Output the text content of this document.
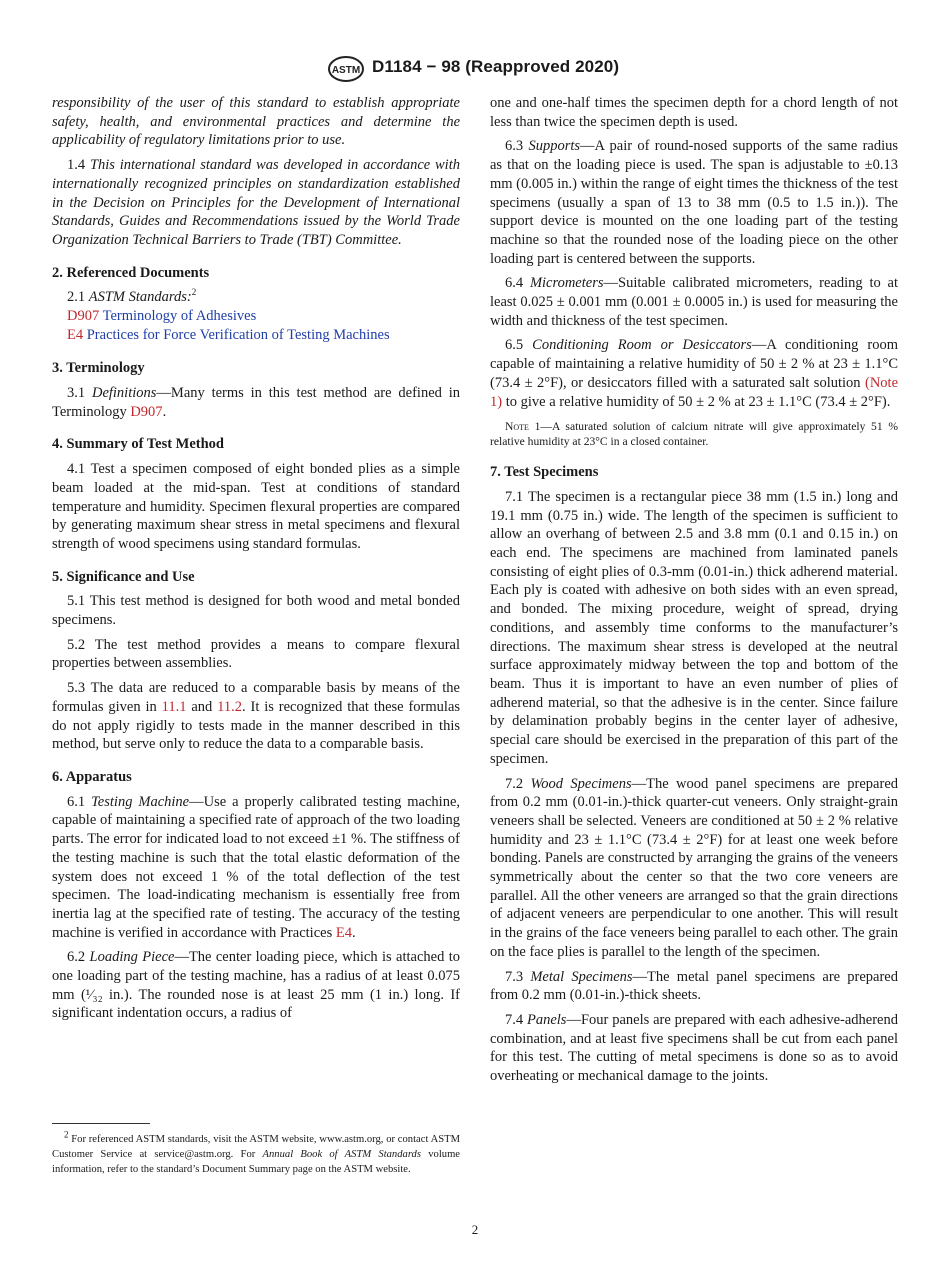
ASTM D1184 − 98 (Reapproved 2020)

responsibility of the user of this standard to establish appropriate safety, health, and environmental practices and determine the applicability of regulatory limitations prior to use.

1.4 This international standard was developed in accordance with internationally recognized principles on standardization established in the Decision on Principles for the Development of International Standards, Guides and Recommendations issued by the World Trade Organization Technical Barriers to Trade (TBT) Committee.

2. Referenced Documents
2.1 ASTM Standards:$^2$
D907 Terminology of Adhesives
E4 Practices for Force Verification of Testing Machines
3. Terminology

3.1 Definitions—Many terms in this test method are defined in Terminology D907.

4. Summary of Test Method

4.1 Test a specimen composed of eight bonded plies as a simple beam loaded at the mid-span. Test at conditions of standard temperature and humidity. Specimen flexural properties are compared by generating maximum shear stress in metal specimens and flexural strength of wood specimens using standard formulas.

5. Significance and Use

5.1 This test method is designed for both wood and metal bonded specimens.

5.2 The test method provides a means to compare flexural properties between assemblies.

5.3 The data are reduced to a comparable basis by means of the formulas given in 11.1 and 11.2. It is recognized that these formulas do not apply rigidly to tests made in the manner described in this method, but serve only to reduce the data to a comparable basis.

6. Apparatus

6.1 Testing Machine—Use a properly calibrated testing machine, capable of maintaining a specified rate of approach of the two loading parts. The error for indicated load to not exceed ±1 %. The stiffness of the testing machine is such that the total elastic deformation of the system does not exceed 1 % of the total deflection of the test specimen. The load-indicating mechanism is essentially free from inertia lag at the specified rate of testing. The accuracy of the testing machine is verified in accordance with Practices E4.

6.2 Loading Piece—The center loading piece, which is attached to one loading part of the testing machine, has a radius of at least 0.075 mm (¹⁄₃₂ in.). The rounded nose is at least 25 mm (1 in.) long. If significant indentation occurs, a radius of

one and one-half times the specimen depth for a chord length of not less than twice the specimen depth is used.

6.3 Supports—A pair of round-nosed supports of the same radius as that on the loading piece is used. The span is adjustable to ±0.13 mm (0.005 in.) within the range of eight times the thickness of the test specimens (usually a span of 13 to 38 mm (0.5 to 1.5 in.)). The support device is mounted on the one loading part of the testing machine so that the rounded nose of the loading piece on the other loading part is centered between the supports.

6.4 Micrometers—Suitable calibrated micrometers, reading to at least 0.025 ± 0.001 mm (0.001 ± 0.0005 in.) is used for measuring the width and thickness of the test specimen.

6.5 Conditioning Room or Desiccators—A conditioning room capable of maintaining a relative humidity of 50 ± 2 % at 23 ± 1.1°C (73.4 ± 2°F), or desiccators filled with a saturated salt solution (Note 1) to give a relative humidity of 50 ± 2 % at 23 ± 1.1°C (73.4 ± 2°F).

Note 1—A saturated solution of calcium nitrate will give approximately 51 % relative humidity at 23°C in a closed container.
7. Test Specimens

7.1 The specimen is a rectangular piece 38 mm (1.5 in.) long and 19.1 mm (0.75 in.) wide. The length of the specimen is sufficient to allow an overhang of between 2.5 and 3.8 mm (0.1 and 0.15 in.) on each end. The specimens are machined from laminated panels consisting of eight plies of 0.3-mm (0.01-in.) thick adherend material. Each ply is coated with adhesive on both sides with an even spread, and bonded. The mixing procedure, weight of spread, drying conditions, and assembly time conforms to the manufacturer’s directions. The maximum shear stress is developed at the neutral surface approximately midway between the top and bottom of the beam. Thus it is important to have an even number of plies of adherend material, so that the adhesive is in the center. Since failure by delamination probably begins in the center layer of adhesive, special care should be exercised in the preparation of this part of the specimen.

7.2 Wood Specimens—The wood panel specimens are prepared from 0.2 mm (0.01-in.)-thick quarter-cut veneers. Only straight-grain veneers shall be selected. Veneers are conditioned at 50 ± 2 % relative humidity and 23 ± 1.1°C (73.4 ± 2°F) for at least one week before bonding. Panels are constructed by arranging the grains of the veneers symmetrically about the center so that the two core veneers are parallel. All the other veneers are arranged so that the grain directions of adjacent veneers are perpendicular to one another. This will result in the grains of the face veneers being parallel to each other. The grain on the face plies is parallel to the length of the specimen.

7.3 Metal Specimens—The metal panel specimens are prepared from 0.2 mm (0.01-in.)-thick sheets.

7.4 Panels—Four panels are prepared with each adhesive-adherend combination, and at least five specimens shall be cut from each panel for this test. The cutting of metal specimens is done so as to avoid overheating or mechanical damage to the joints.

$^2$ For referenced ASTM standards, visit the ASTM website, www.astm.org, or contact ASTM Customer Service at service@astm.org. For Annual Book of ASTM Standards volume information, refer to the standard’s Document Summary page on the ASTM website.
2
